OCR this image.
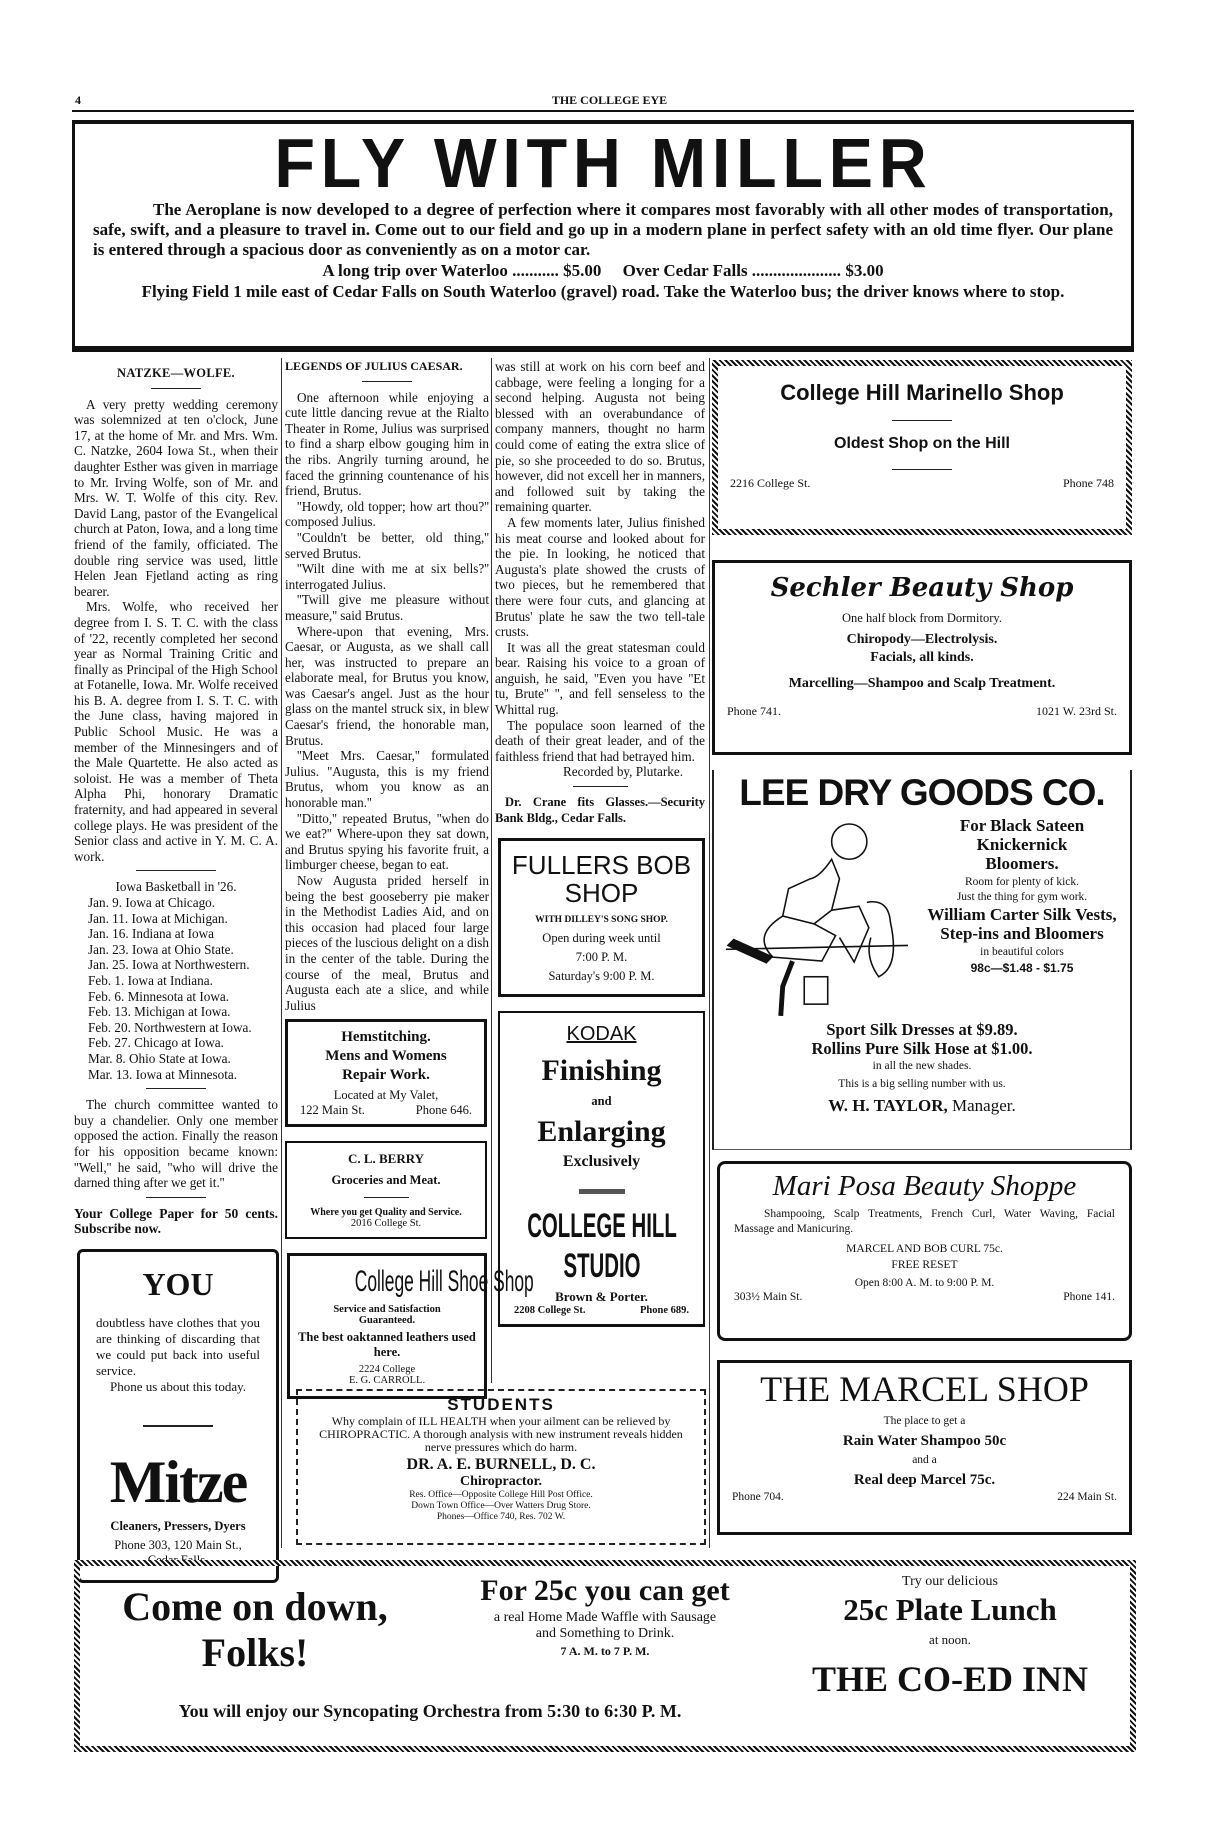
4	THE COLLEGE EYE
FLY WITH MILLER
The Aeroplane is now developed to a degree of perfection where it compares most favorably with all other modes of transportation, safe, swift, and a pleasure to travel in. Come out to our field and go up in a modern plane in perfect safety with an old time flyer. Our plane is entered through a spacious door as conveniently as on a motor car.
A long trip over Waterloo ........... $5.00 Over Cedar Falls ..................... $3.00
Flying Field 1 mile east of Cedar Falls on South Waterloo (gravel) road. Take the Waterloo bus; the driver knows where to stop.
NATZKE—WOLFE.

A very pretty wedding ceremony was solemnized at ten o'clock, June 17, at the home of Mr. and Mrs. Wm. C. Natzke, 2604 Iowa St., when their daughter Esther was given in marriage to Mr. Irving Wolfe, son of Mr. and Mrs. W. T. Wolfe of this city. Rev. David Lang, pastor of the Evangelical church at Paton, Iowa, and a long time friend of the family, officiated. The double ring service was used, little Helen Jean Fjetland acting as ring bearer.

Mrs. Wolfe, who received her degree from I. S. T. C. with the class of '22, recently completed her second year as Normal Training Critic and finally as Principal of the High School at Fotanelle, Iowa. Mr. Wolfe received his B. A. degree from I. S. T. C. with the June class, having majored in Public School Music. He was a member of the Minnesingers and of the Male Quartette. He also acted as soloist. He was a member of Theta Alpha Phi, honorary Dramatic fraternity, and had appeared in several college plays. He was president of the Senior class and active in Y. M. C. A. work.

Iowa Basketball in '26.
Jan. 9. Iowa at Chicago.
Jan. 11. Iowa at Michigan.
Jan. 16. Indiana at Iowa
Jan. 23. Iowa at Ohio State.
Jan. 25. Iowa at Northwestern.
Feb. 1. Iowa at Indiana.
Feb. 6. Minnesota at Iowa.
Feb. 13. Michigan at Iowa.
Feb. 20. Northwestern at Iowa.
Feb. 27. Chicago at Iowa.
Mar. 8. Ohio State at Iowa.
Mar. 13. Iowa at Minnesota.

The church committee wanted to buy a chandelier. Only one member opposed the action. Finally the reason for his opposition became known: ''Well,'' he said, ''who will drive the darned thing after we get it.''

Your College Paper for 50 cents. Subscribe now.
YOU
doubtless have clothes that you are thinking of discarding that we could put back into useful service.
Phone us about this today.
Mitze
Cleaners, Pressers, Dyers
Phone 303, 120 Main St.,
Cedar Falls.
LEGENDS OF JULIUS CAESAR.

One afternoon while enjoying a cute little dancing revue at the Rialto Theater in Rome, Julius was surprised to find a sharp elbow gouging him in the ribs. Angrily turning around, he faced the grinning countenance of his friend, Brutus.

''Howdy, old topper; how art thou?'' composed Julius.

''Couldn't be better, old thing,'' served Brutus.

''Wilt dine with me at six bells?'' interrogated Julius.

''Twill give me pleasure without measure,'' said Brutus.

Where-upon that evening, Mrs. Caesar, or Augusta, as we shall call her, was instructed to prepare an elaborate meal, for Brutus you know, was Caesar's angel. Just as the hour glass on the mantel struck six, in blew Caesar's friend, the honorable man, Brutus.

''Meet Mrs. Caesar,'' formulated Julius. ''Augusta, this is my friend Brutus, whom you know as an honorable man.''

''Ditto,'' repeated Brutus, ''when do we eat?'' Where-upon they sat down, and Brutus spying his favorite fruit, a limburger cheese, began to eat.

Now Augusta prided herself in being the best gooseberry pie maker in the Methodist Ladies Aid, and on this occasion had placed four large pieces of the luscious delight on a dish in the center of the table. During the course of the meal, Brutus and Augusta each ate a slice, and while Julius

Hemstitching.
Mens and Womens
Repair Work.
Located at My Valet,
122 Main St.	Phone 646.
C. L. BERRY
Groceries and Meat.
Where you get Quality and Service.
2016 College St.
College Hill Shoe Shop
Service and Satisfaction
Guaranteed.
The best oaktanned leathers used here.
2224 College
E. G. CARROLL.

was still at work on his corn beef and cabbage, were feeling a longing for a second helping. Augusta not being blessed with an overabundance of company manners, thought no harm could come of eating the extra slice of pie, so she proceeded to do so. Brutus, however, did not excell her in manners, and followed suit by taking the remaining quarter.

A few moments later, Julius finished his meat course and looked about for the pie. In looking, he noticed that Augusta's plate showed the crusts of two pieces, but he remembered that there were four cuts, and glancing at Brutus' plate he saw the two tell-tale crusts.

It was all the great statesman could bear. Raising his voice to a groan of anguish, he said, ''Even you have ''Et tu, Brute'' '', and fell senseless to the Whittal rug.

The populace soon learned of the death of their great leader, and of the faithless friend that had betrayed him.

Recorded by, Plutarke.
Dr. Crane fits Glasses.—Security Bank Bldg., Cedar Falls.
FULLERS BOB SHOP
WITH DILLEY'S SONG SHOP.
Open during week until
7:00 P. M.
Saturday's 9:00 P. M.
KODAK
Finishing
and
Enlarging
Exclusively
COLLEGE HILL STUDIO
Brown & Porter.
2208 College St.	Phone 689.
STUDENTS
Why complain of ILL HEALTH when your ailment can be relieved by CHIROPRACTIC. A thorough analysis with new instrument reveals hidden nerve pressures which do harm.
DR. A. E. BURNELL, D. C.
Chiropractor.
Res. Office—Opposite College Hill Post Office.
Down Town Office—Over Watters Drug Store.
Phones—Office 740, Res. 702 W.
College Hill Marinello Shop
Oldest Shop on the Hill
2216 College St.	Phone 748
Sechler Beauty Shop
One half block from Dormitory.
Chiropody—Electrolysis.
Facials, all kinds.
Marcelling—Shampoo and Scalp Treatment.
Phone 741.	1021 W. 23rd St.
LEE DRY GOODS CO.
For Black Sateen
Knickernick
Bloomers.
Room for plenty of kick.
Just the thing for gym work.
William Carter Silk Vests, Step-ins and Bloomers
in beautiful colors
98c—$1.48 - $1.75
Sport Silk Dresses at $9.89.
Rollins Pure Silk Hose at $1.00.
in all the new shades.
This is a big selling number with us.
W. H. TAYLOR, Manager.
Mari Posa Beauty Shoppe
Shampooing, Scalp Treatments, French Curl, Water Waving, Facial Massage and Manicuring.
MARCEL AND BOB CURL 75c.
FREE RESET
Open 8:00 A. M. to 9:00 P. M.
303½ Main St.	Phone 141.
THE MARCEL SHOP
The place to get a
Rain Water Shampoo 50c
and a
Real deep Marcel 75c.
Phone 704.	224 Main St.
Come on down,
Folks!
For 25c you can get
a real Home Made Waffle with Sausage
and Something to Drink.
7 A. M. to 7 P. M.
You will enjoy our Syncopating Orchestra from 5:30 to 6:30 P. M.
Try our delicious
25c Plate Lunch
at noon.
THE CO-ED INN
